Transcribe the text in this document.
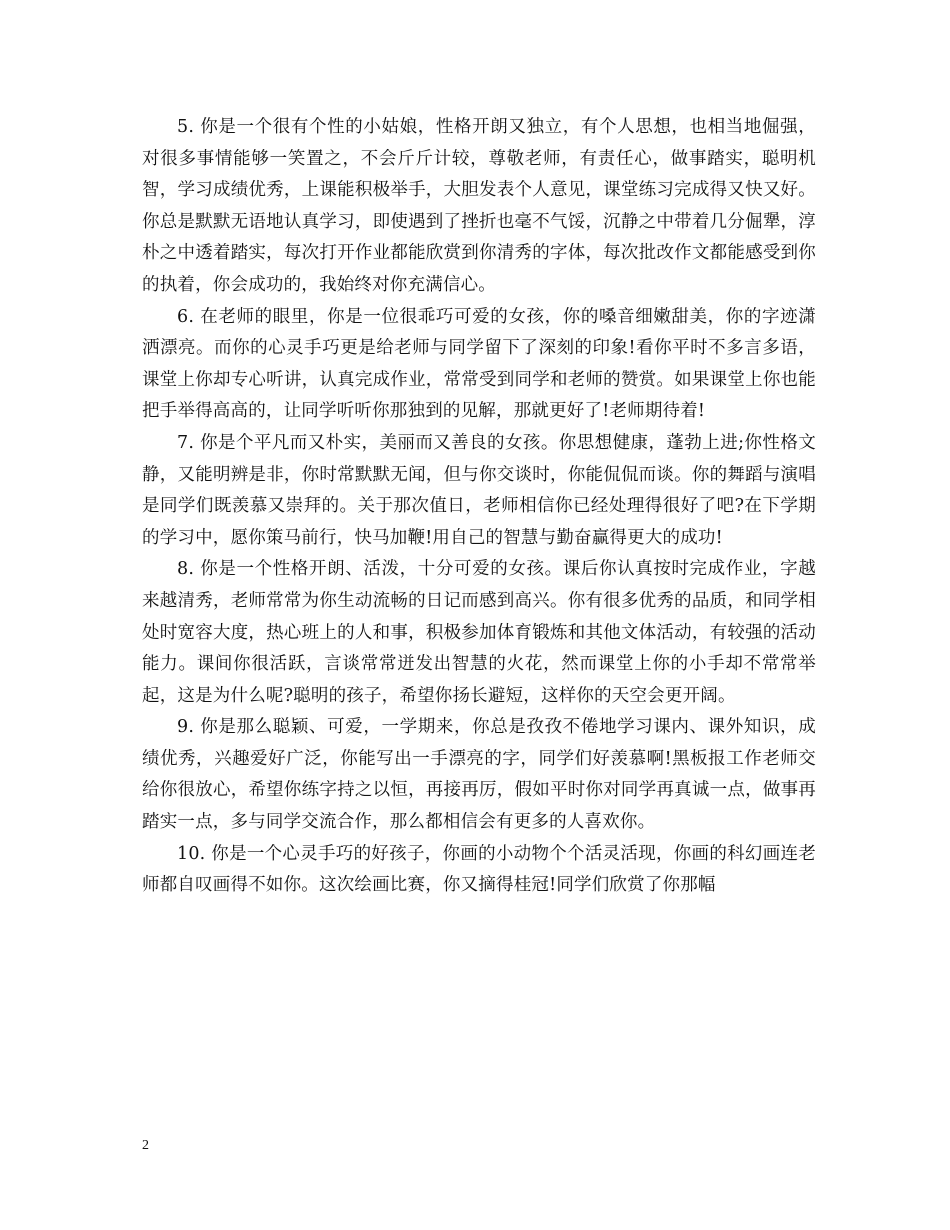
5. 你是一个很有个性的小姑娘，性格开朗又独立，有个人思想，也相当地倔强，对很多事情能够一笑置之，不会斤斤计较，尊敬老师，有责任心，做事踏实，聪明机智，学习成绩优秀，上课能积极举手，大胆发表个人意见，课堂练习完成得又快又好。你总是默默无语地认真学习，即使遇到了挫折也毫不气馁，沉静之中带着几分倔犟，淳朴之中透着踏实，每次打开作业都能欣赏到你清秀的字体，每次批改作文都能感受到你的执着，你会成功的，我始终对你充满信心。

6. 在老师的眼里，你是一位很乖巧可爱的女孩，你的嗓音细嫩甜美，你的字迹潇洒漂亮。而你的心灵手巧更是给老师与同学留下了深刻的印象!看你平时不多言多语，课堂上你却专心听讲，认真完成作业，常常受到同学和老师的赞赏。如果课堂上你也能把手举得高高的，让同学听听你那独到的见解，那就更好了!老师期待着!

7. 你是个平凡而又朴实，美丽而又善良的女孩。你思想健康，蓬勃上进;你性格文静，又能明辨是非，你时常默默无闻，但与你交谈时，你能侃侃而谈。你的舞蹈与演唱是同学们既羡慕又崇拜的。关于那次值日，老师相信你已经处理得很好了吧?在下学期的学习中，愿你策马前行，快马加鞭!用自己的智慧与勤奋赢得更大的成功!

8. 你是一个性格开朗、活泼，十分可爱的女孩。课后你认真按时完成作业，字越来越清秀，老师常常为你生动流畅的日记而感到高兴。你有很多优秀的品质，和同学相处时宽容大度，热心班上的人和事，积极参加体育锻炼和其他文体活动，有较强的活动能力。课间你很活跃，言谈常常迸发出智慧的火花，然而课堂上你的小手却不常常举起，这是为什么呢?聪明的孩子，希望你扬长避短，这样你的天空会更开阔。

9. 你是那么聪颖、可爱，一学期来，你总是孜孜不倦地学习课内、课外知识，成绩优秀，兴趣爱好广泛，你能写出一手漂亮的字，同学们好羡慕啊!黑板报工作老师交给你很放心，希望你练字持之以恒，再接再厉，假如平时你对同学再真诚一点，做事再踏实一点，多与同学交流合作，那么都相信会有更多的人喜欢你。

10. 你是一个心灵手巧的好孩子，你画的小动物个个活灵活现，你画的科幻画连老师都自叹画得不如你。这次绘画比赛，你又摘得桂冠!同学们欣赏了你那幅

2
